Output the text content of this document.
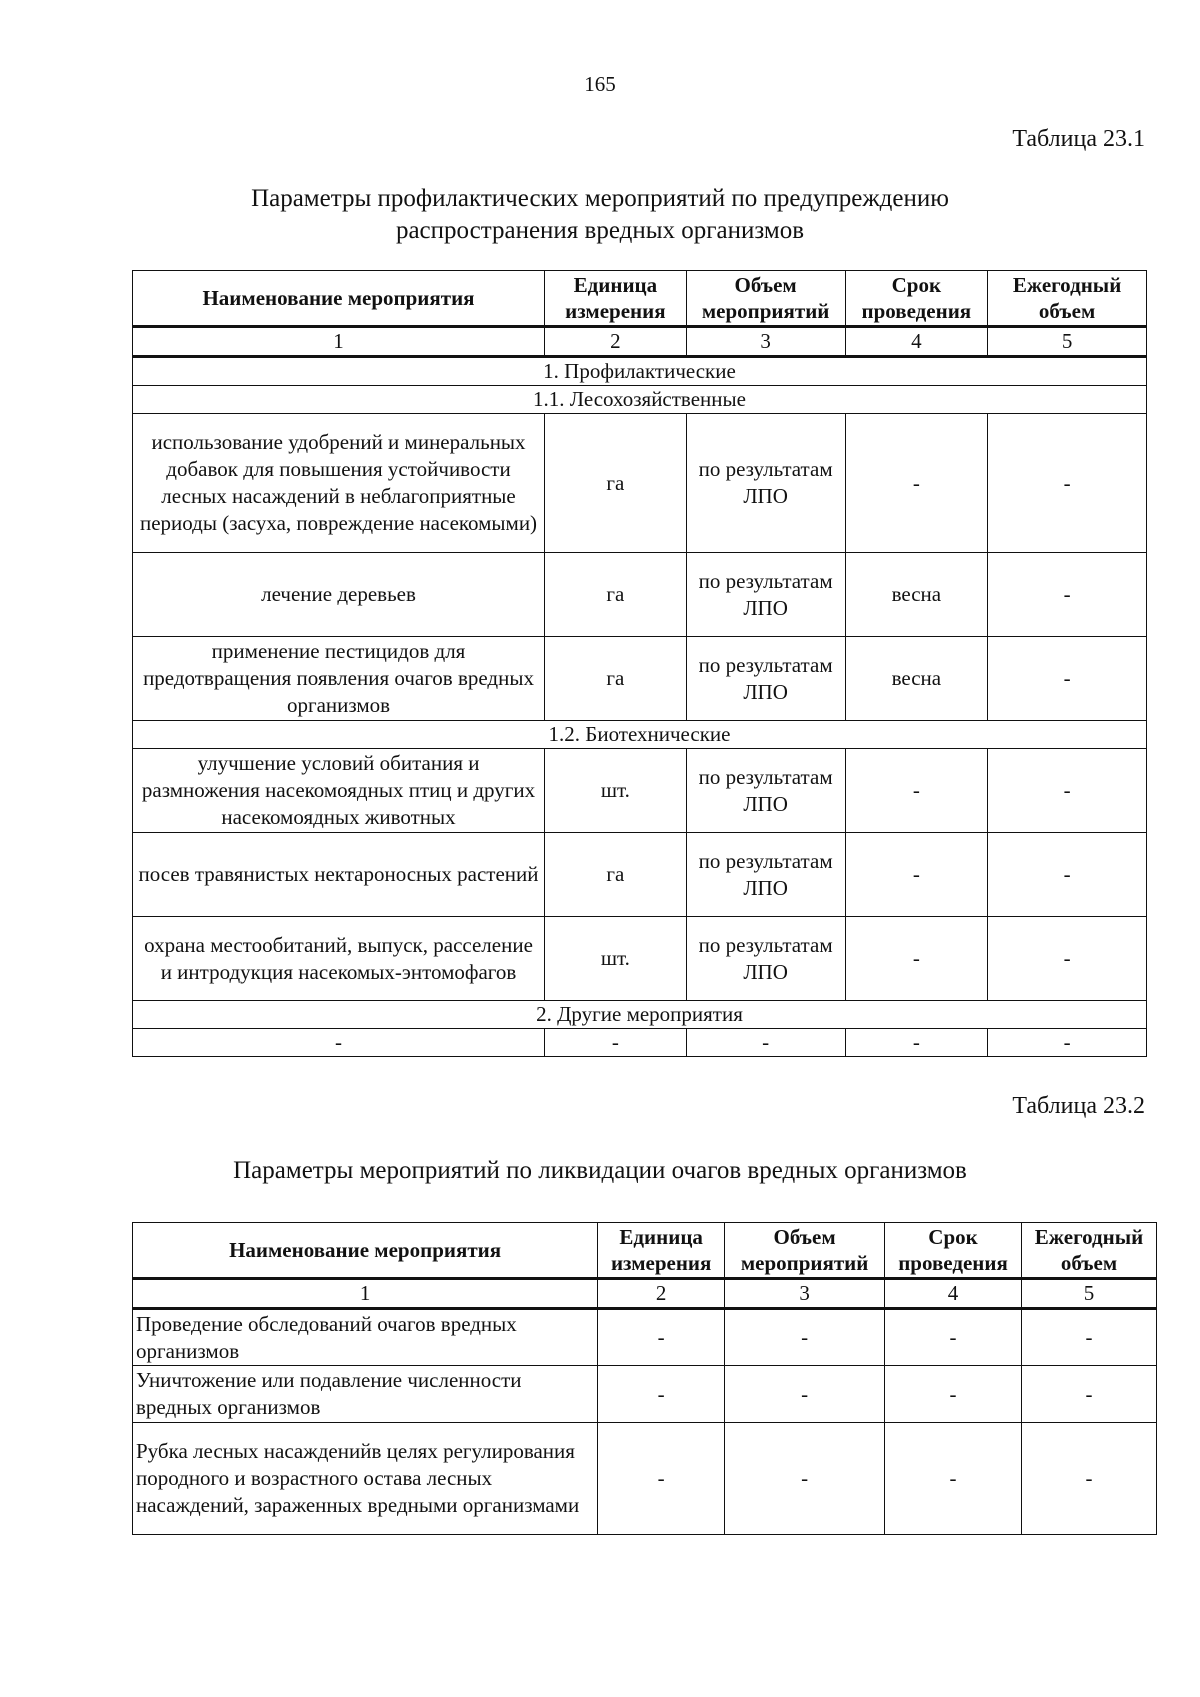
165
Таблица 23.1
Параметры профилактических мероприятий по предупреждению
распространения вредных организмов
Наименование мероприятия	Единица измерения	Объем мероприятий	Срок проведения	Ежегодный объем
1	2	3	4	5
1. Профилактические				
1.1. Лесохозяйственные				
использование удобрений и минеральных добавок для повышения устойчивости лесных насаждений в неблагоприятные периоды (засуха, повреждение насекомыми)	га	по результатам ЛПО	-	-
лечение деревьев	га	по результатам ЛПО	весна	-
применение пестицидов для предотвращения появления очагов вредных организмов	га	по результатам ЛПО	весна	-
1.2. Биотехнические				
улучшение условий обитания и размножения насекомоядных птиц и других насекомоядных животных	шт.	по результатам ЛПО	-	-
посев травянистых нектароносных растений	га	по результатам ЛПО	-	-
охрана местообитаний, выпуск, расселение и интродукция насекомых-энтомофагов	шт.	по результатам ЛПО	-	-
2. Другие мероприятия				
-	-	-	-	-
Таблица 23.2
Параметры мероприятий по ликвидации очагов вредных организмов
Наименование мероприятия	Единица измерения	Объем мероприятий	Срок проведения	Ежегодный объем
1	2	3	4	5
Проведение обследований очагов вредных организмов	-	-	-	-
Уничтожение или подавление численности вредных организмов	-	-	-	-
Рубка лесных насажденийв целях регулирования породного и возрастного остава лесных насаждений, зараженных вредными организмами	-	-	-	-
